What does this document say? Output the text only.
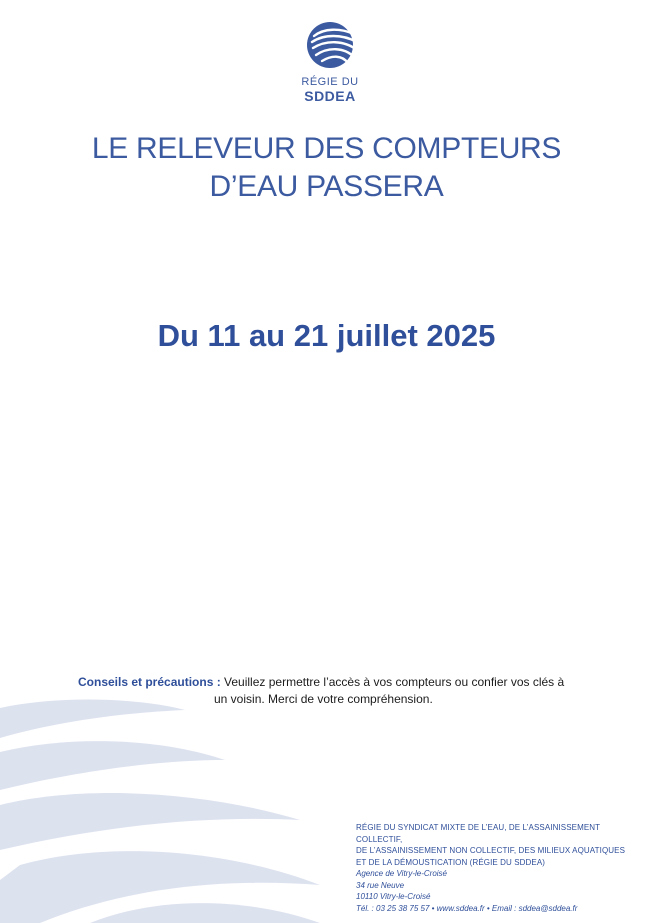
RÉGIE DU
SDDEA
LE RELEVEUR DES COMPTEURS
D’EAU PASSERA
Du 11 au 21 juillet 2025
Conseils et précautions : Veuillez permettre l’accès à vos compteurs ou confier vos clés à
un voisin. Merci de votre compréhension.
RÉGIE DU SYNDICAT MIXTE DE L’EAU, DE L’ASSAINISSEMENT COLLECTIF,
DE L’ASSAINISSEMENT NON COLLECTIF, DES MILIEUX AQUATIQUES
ET DE LA DÉMOUSTICATION (RÉGIE DU SDDEA)
Agence de Vitry-le-Croisé
34 rue Neuve
10110 Vitry-le-Croisé
Tél. : 03 25 38 75 57 • www.sddea.fr • Email : sddea@sddea.fr
